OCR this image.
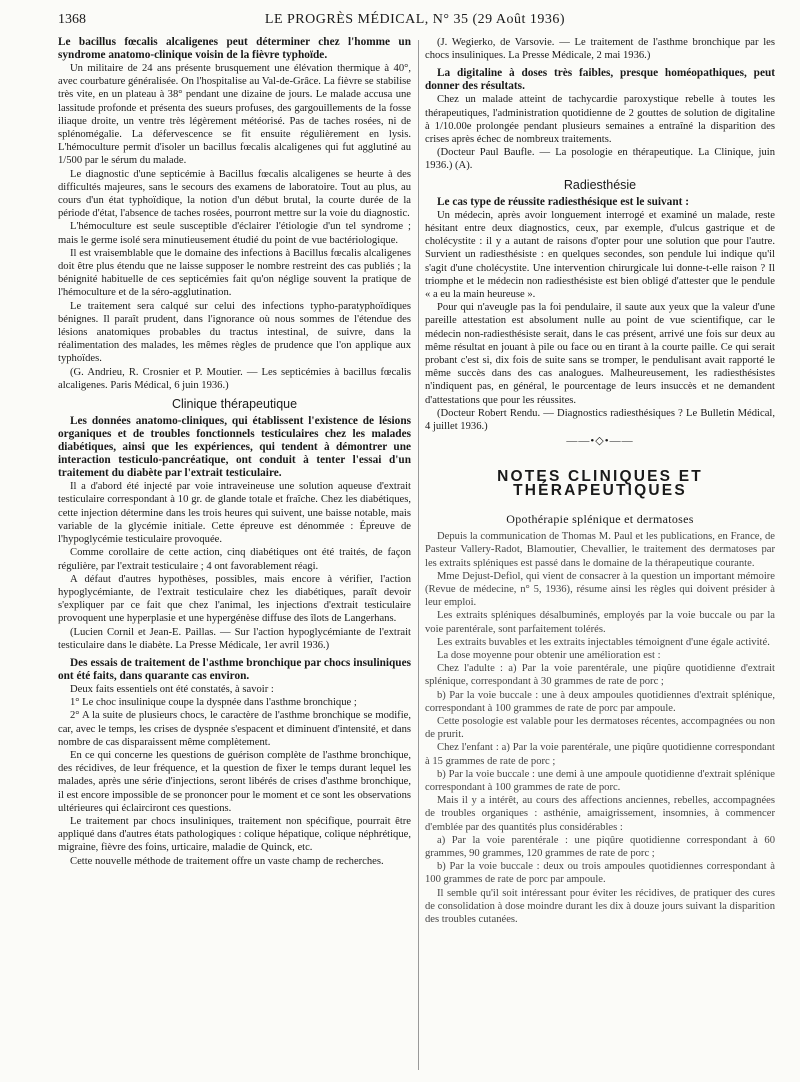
1368	LE PROGRÈS MÉDICAL, N° 35 (29 Août 1936)

Le bacillus fœcalis alcaligenes peut déterminer chez l'homme un syndrome anatomo-clinique voisin de la fièvre typhoïde.

Un militaire de 24 ans présente brusquement une élévation thermique à 40°, avec courbature généralisée. On l'hospitalise au Val-de-Grâce. La fièvre se stabilise très vite, en un plateau à 38° pendant une dizaine de jours. Le malade accusa une lassitude profonde et présenta des sueurs profuses, des gargouillements de la fosse iliaque droite, un ventre très légèrement météorisé. Pas de taches rosées, ni de splénomégalie. La défervescence se fit ensuite régulièrement en lysis. L'hémoculture permit d'isoler un bacillus fœcalis alcaligenes qui fut agglutiné au 1/500 par le sérum du malade.

Le diagnostic d'une septicémie à Bacillus fœcalis alcaligenes se heurte à des difficultés majeures, sans le secours des examens de laboratoire. Tout au plus, au cours d'un état typhoïdique, la notion d'un début brutal, la courte durée de la période d'état, l'absence de taches rosées, pourront mettre sur la voie du diagnostic.

L'hémoculture est seule susceptible d'éclairer l'étiologie d'un tel syndrome ; mais le germe isolé sera minutieusement étudié du point de vue bactériologique.

Il est vraisemblable que le domaine des infections à Bacillus fœcalis alcaligenes doit être plus étendu que ne laisse supposer le nombre restreint des cas publiés ; la bénignité habituelle de ces septicémies fait qu'on néglige souvent la pratique de l'hémoculture et de la séro-agglutination.

Le traitement sera calqué sur celui des infections typho-paratyphoïdiques bénignes. Il paraît prudent, dans l'ignorance où nous sommes de l'étendue des lésions anatomiques probables du tractus intestinal, de suivre, dans la réalimentation des malades, les mêmes règles de prudence que l'on applique aux typhoïdes.

(G. Andrieu, R. Crosnier et P. Moutier. — Les septicémies à bacillus fœcalis alcaligenes. Paris Médical, 6 juin 1936.)

Clinique thérapeutique

Les données anatomo-cliniques, qui établissent l'existence de lésions organiques et de troubles fonctionnels testiculaires chez les malades diabétiques, ainsi que les expériences, qui tendent à démontrer une interaction testiculo-pancréatique, ont conduit à tenter l'essai d'un traitement du diabète par l'extrait testiculaire.

Il a d'abord été injecté par voie intraveineuse une solution aqueuse d'extrait testiculaire correspondant à 10 gr. de glande totale et fraîche. Chez les diabétiques, cette injection détermine dans les trois heures qui suivent, une baisse notable, mais variable de la glycémie initiale. Cette épreuve est dénommée : Épreuve de l'hypoglycémie testiculaire provoquée.

Comme corollaire de cette action, cinq diabétiques ont été traités, de façon régulière, par l'extrait testiculaire ; 4 ont favorablement réagi.

A défaut d'autres hypothèses, possibles, mais encore à vérifier, l'action hypoglycémiante, de l'extrait testiculaire chez les diabétiques, paraît devoir s'expliquer par ce fait que chez l'animal, les injections d'extrait testiculaire provoquent une hyperplasie et une hypergénèse diffuse des îlots de Langerhans.

(Lucien Cornil et Jean-E. Paillas. — Sur l'action hypoglycémiante de l'extrait testiculaire dans le diabète. La Presse Médicale, 1er avril 1936.)

Des essais de traitement de l'asthme bronchique par chocs insuliniques ont été faits, dans quarante cas environ.

Deux faits essentiels ont été constatés, à savoir :

1° Le choc insulinique coupe la dyspnée dans l'asthme bronchique ;

2° A la suite de plusieurs chocs, le caractère de l'asthme bronchique se modifie, car, avec le temps, les crises de dyspnée s'espacent et diminuent d'intensité, et dans nombre de cas disparaissent même complètement.

En ce qui concerne les questions de guérison complète de l'asthme bronchique, des récidives, de leur fréquence, et la question de fixer le temps durant lequel les malades, après une série d'injections, seront libérés de crises d'asthme bronchique, il est encore impossible de se prononcer pour le moment et ce sont les observations ultérieures qui éclairciront ces questions.

Le traitement par chocs insuliniques, traitement non spécifique, pourrait être appliqué dans d'autres états pathologiques : colique hépatique, colique néphrétique, migraine, fièvre des foins, urticaire, maladie de Quinck, etc.

Cette nouvelle méthode de traitement offre un vaste champ de recherches.

(J. Wegierko, de Varsovie. — Le traitement de l'asthme bronchique par les chocs insuliniques. La Presse Médicale, 2 mai 1936.)

La digitaline à doses très faibles, presque homéopathiques, peut donner des résultats.

Chez un malade atteint de tachycardie paroxystique rebelle à toutes les thérapeutiques, l'administration quotidienne de 2 gouttes de solution de digitaline à 1/10.00e prolongée pendant plusieurs semaines a entraîné la disparition des crises après échec de nombreux traitements.

(Docteur Paul Baufle. — La posologie en thérapeutique. La Clinique, juin 1936.) (A).

Radiesthésie

Le cas type de réussite radiesthésique est le suivant :

Un médecin, après avoir longuement interrogé et examiné un malade, reste hésitant entre deux diagnostics, ceux, par exemple, d'ulcus gastrique et de cholécystite : il y a autant de raisons d'opter pour une solution que pour l'autre. Survient un radiesthésiste : en quelques secondes, son pendule lui indique qu'il s'agit d'une cholécystite. Une intervention chirurgicale lui donne-t-elle raison ? Il triomphe et le médecin non radiesthésiste est bien obligé d'attester que le pendule « a eu la main heureuse ».

Pour qui n'aveugle pas la foi pendulaire, il saute aux yeux que la valeur d'une pareille attestation est absolument nulle au point de vue scientifique, car le médecin non-radiesthésiste serait, dans le cas présent, arrivé une fois sur deux au même résultat en jouant à pile ou face ou en tirant à la courte paille. Ce qui serait probant c'est si, dix fois de suite sans se tromper, le pendulisant avait rapporté le même succès dans des cas analogues. Malheureusement, les radiesthésistes n'indiquent pas, en général, le pourcentage de leurs insuccès et ne demandent d'attestations que pour les réussites.

(Docteur Robert Rendu. — Diagnostics radiesthésiques ? Le Bulletin Médical, 4 juillet 1936.)

——•◇•——
NOTES CLINIQUES ET THÉRAPEUTIQUES
Opothérapie splénique et dermatoses

Depuis la communication de Thomas M. Paul et les publications, en France, de Pasteur Vallery-Radot, Blamoutier, Chevallier, le traitement des dermatoses par les extraits spléniques est passé dans le domaine de la thérapeutique courante.

Mme Dejust-Defiol, qui vient de consacrer à la question un important mémoire (Revue de médecine, n° 5, 1936), résume ainsi les règles qui doivent présider à leur emploi.

Les extraits spléniques désalbuminés, employés par la voie buccale ou par la voie parentérale, sont parfaitement tolérés.

Les extraits buvables et les extraits injectables témoignent d'une égale activité.

La dose moyenne pour obtenir une amélioration est :

Chez l'adulte : a) Par la voie parentérale, une piqûre quotidienne d'extrait splénique, correspondant à 30 grammes de rate de porc ;

b) Par la voie buccale : une à deux ampoules quotidiennes d'extrait splénique, correspondant à 100 grammes de rate de porc par ampoule.

Cette posologie est valable pour les dermatoses récentes, accompagnées ou non de prurit.

Chez l'enfant : a) Par la voie parentérale, une piqûre quotidienne correspondant à 15 grammes de rate de porc ;

b) Par la voie buccale : une demi à une ampoule quotidienne d'extrait splénique correspondant à 100 grammes de rate de porc.

Mais il y a intérêt, au cours des affections anciennes, rebelles, accompagnées de troubles organiques : asthénie, amaigrissement, insomnies, à commencer d'emblée par des quantités plus considérables :

a) Par la voie parentérale : une piqûre quotidienne correspondant à 60 grammes, 90 grammes, 120 grammes de rate de porc ;

b) Par la voie buccale : deux ou trois ampoules quotidiennes correspondant à 100 grammes de rate de porc par ampoule.

Il semble qu'il soit intéressant pour éviter les récidives, de pratiquer des cures de consolidation à dose moindre durant les dix à douze jours suivant la disparition des troubles cutanées.
